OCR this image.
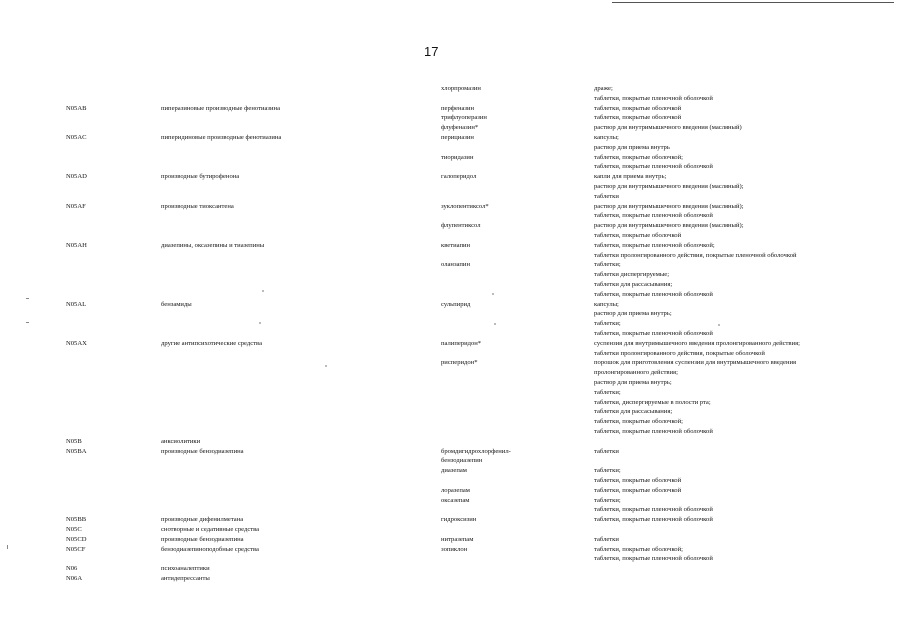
17
хлорпромазин	драже;
таблетки, покрытые пленочной оболочкой
N05AB	пиперазиновые производные фенотиазина	перфеназин	таблетки, покрытые оболочкой
трифлуоперазин	таблетки, покрытые оболочкой
флуфеназин*	раствор для внутримышечного введения (масляный)
N05AC	пиперидиновые производные фенотиазина	перициазин	капсулы;
раствор для приема внутрь
тиоридазин	таблетки, покрытые оболочкой;
таблетки, покрытые пленочной оболочкой
N05AD	производные бутирофенона	галоперидол	капли для приема внутрь;
раствор для внутримышечного введения (масляный);
таблетки
N05AF	производные тиоксантена	зуклопентиксол*	раствор для внутримышечного введения (масляный);
таблетки, покрытые пленочной оболочкой
флупентиксол	раствор для внутримышечного введения (масляный);
таблетки, покрытые оболочкой
N05AH	диазепины, оксазепины и тиазепины	кветиапин	таблетки, покрытые пленочной оболочкой;
таблетки пролонгированного действия, покрытые пленочной оболочкой
оланзапин	таблетки;
таблетки диспергируемые;
таблетки для рассасывания;
таблетки, покрытые пленочной оболочкой
N05AL	бензамиды	сульпирид	капсулы;
раствор для приема внутрь;
таблетки;
таблетки, покрытые пленочной оболочкой
N05AX	другие антипсихотические средства	палиперидон*	суспензия для внутримышечного введения пролонгированного действия;
таблетки пролонгированного действия, покрытые оболочкой
рисперидон*	порошок для приготовления суспензии для внутримышечного введения
пролонгированного действия;
раствор для приема внутрь;
таблетки;
таблетки, диспергируемые в полости рта;
таблетки для рассасывания;
таблетки, покрытые оболочкой;
таблетки, покрытые пленочной оболочкой
N05B	анксиолитики
N05BA	производные бензодиазепина	бромдигидрохлорфенил-	таблетки
бензодиазепин
диазепам	таблетки;
таблетки, покрытые оболочкой
лоразепам	таблетки, покрытые оболочкой
оксазепам	таблетки;
таблетки, покрытые пленочной оболочкой
N05BB	производные дифенилметана	гидроксизин	таблетки, покрытые пленочной оболочкой
N05C	снотворные и седативные средства
N05CD	производные бензодиазепина	нитразепам	таблетки
N05CF	бензодиазепиноподобные средства	зопиклон	таблетки, покрытые оболочкой;
таблетки, покрытые пленочной оболочкой
N06	психоаналептики
N06A	антидепрессанты
